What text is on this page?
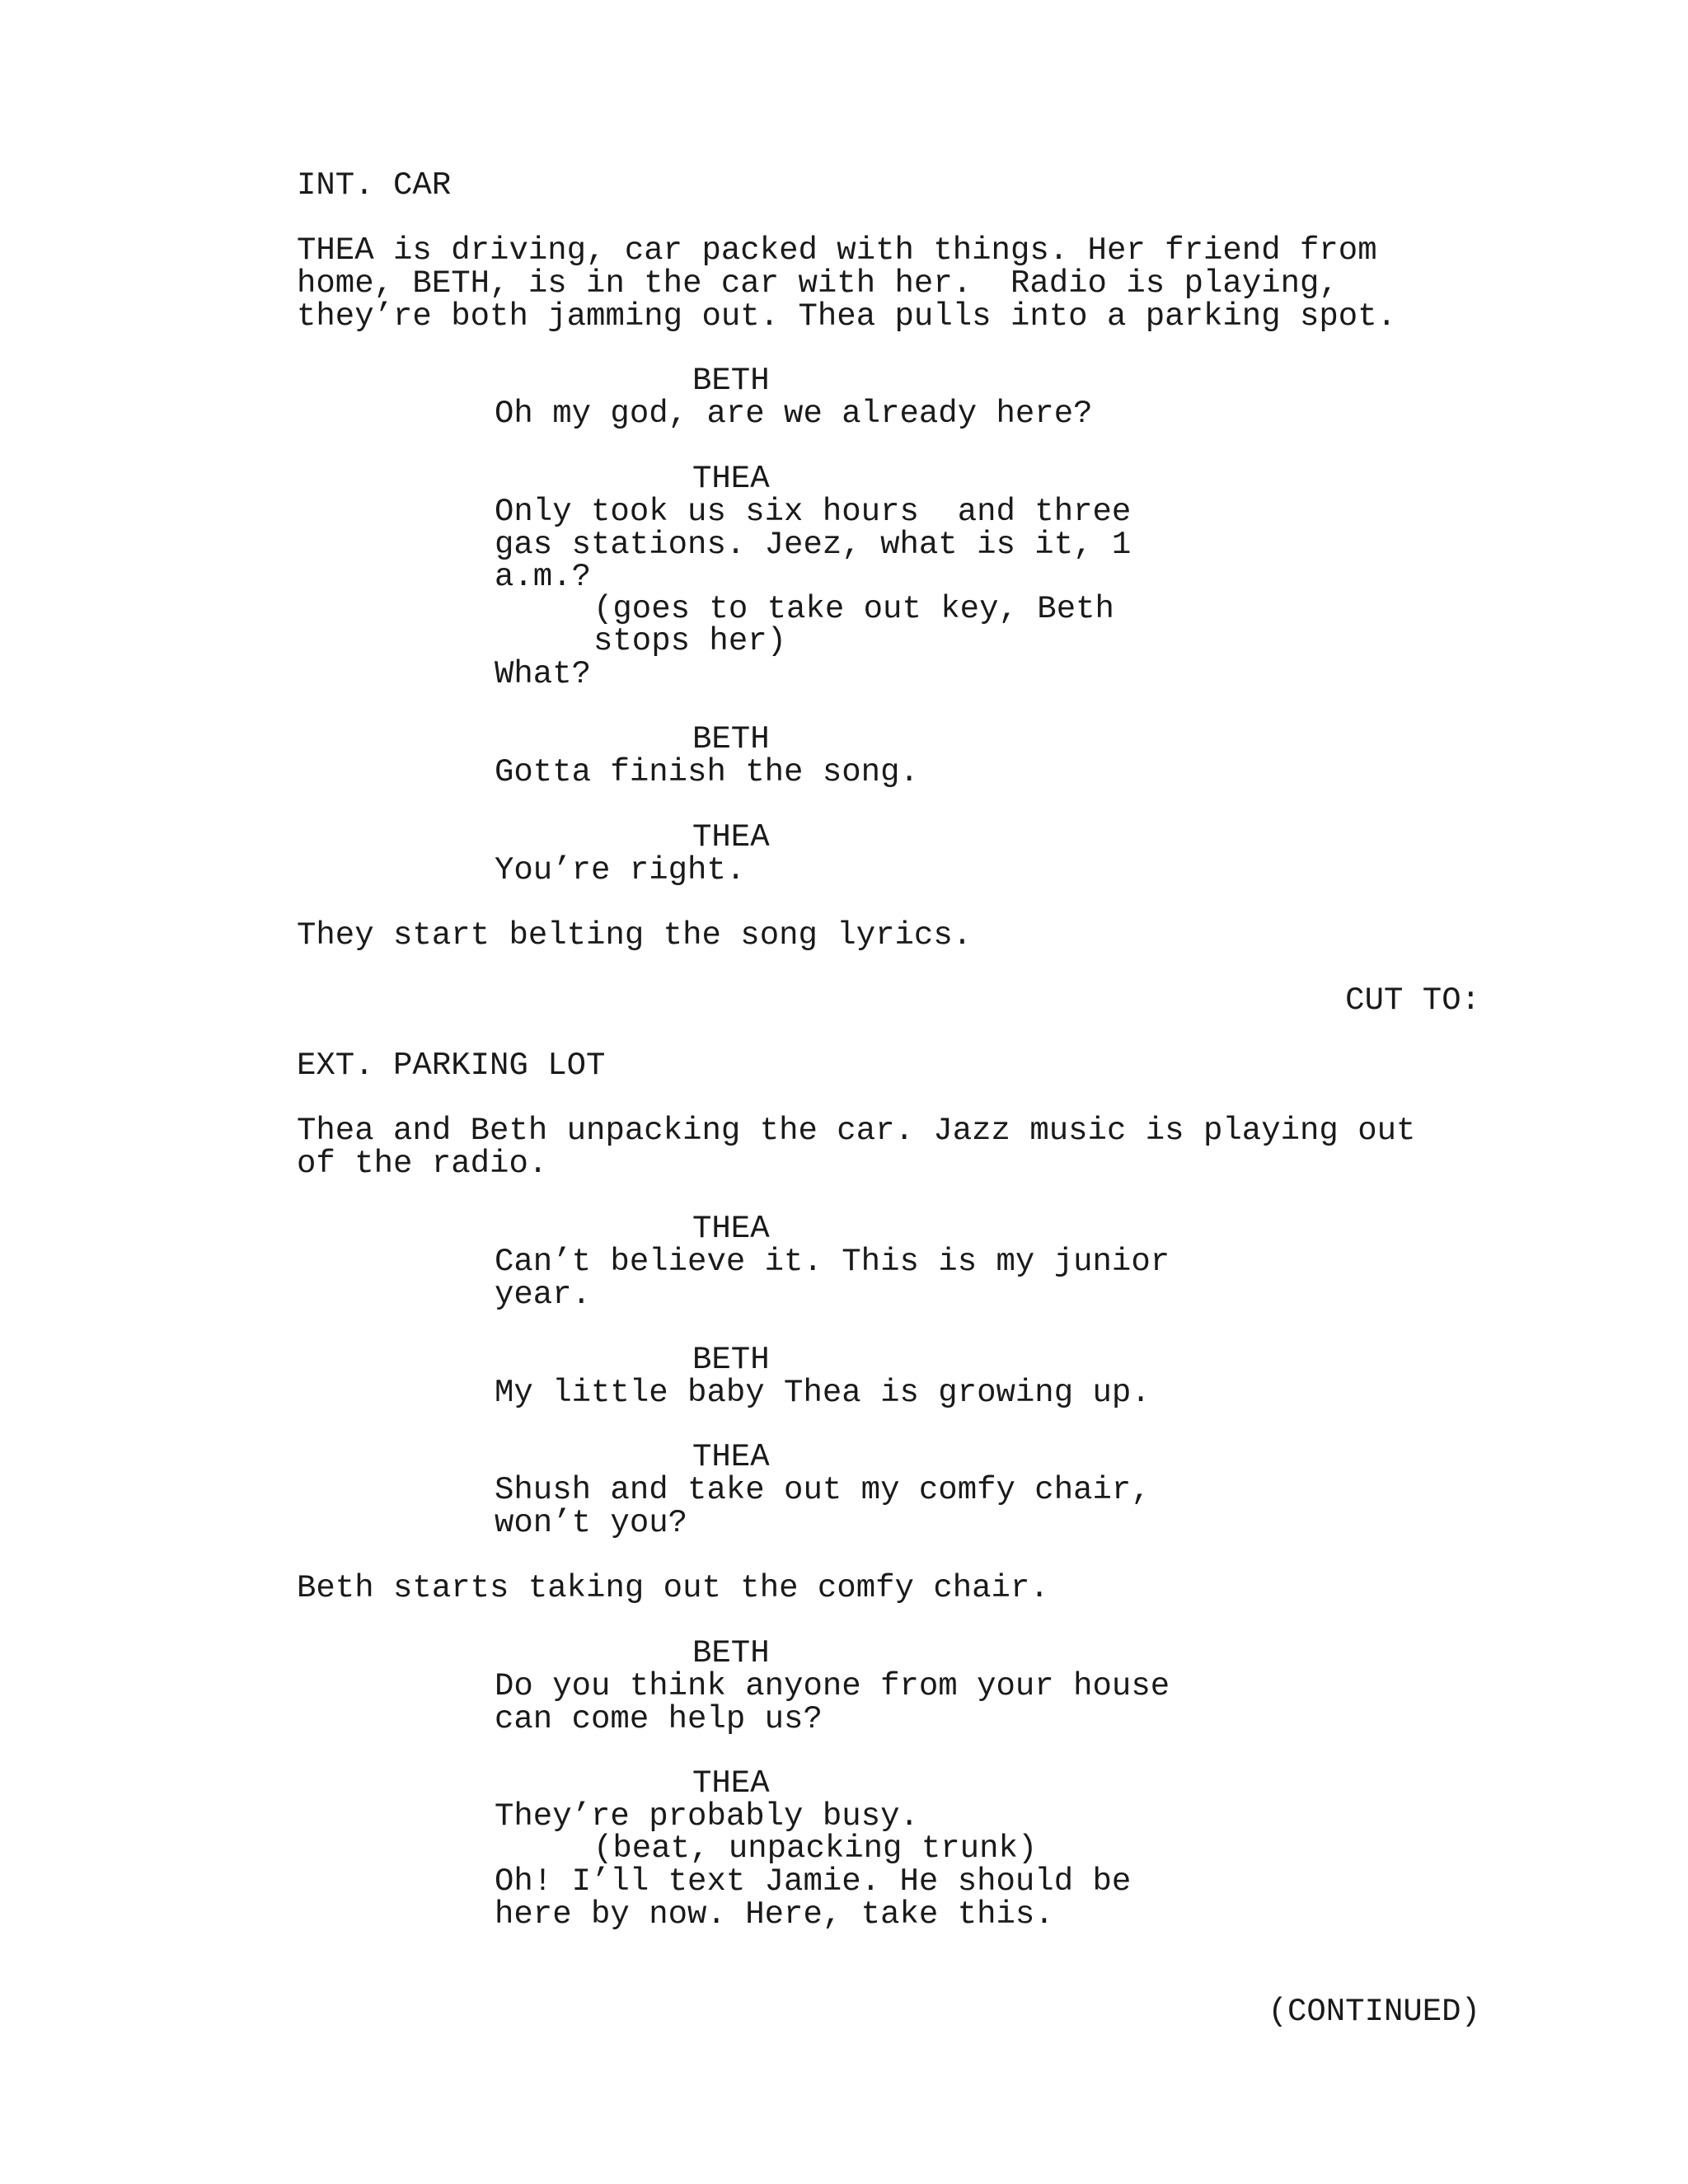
INT. CAR
THEA is driving, car packed with things. Her friend from
home, BETH, is in the car with her.  Radio is playing,
they’re both jamming out. Thea pulls into a parking spot.
BETH
Oh my god, are we already here?
THEA
Only took us six hours  and three
gas stations. Jeez, what is it, 1
a.m.?
(goes to take out key, Beth
stops her)
What?
BETH
Gotta finish the song.
THEA
You’re right.
They start belting the song lyrics.
CUT TO:
EXT. PARKING LOT
Thea and Beth unpacking the car. Jazz music is playing out
of the radio.
THEA
Can’t believe it. This is my junior
year.
BETH
My little baby Thea is growing up.
THEA
Shush and take out my comfy chair,
won’t you?
Beth starts taking out the comfy chair.
BETH
Do you think anyone from your house
can come help us?
THEA
They’re probably busy.
(beat, unpacking trunk)
Oh! I’ll text Jamie. He should be
here by now. Here, take this.
(CONTINUED)
